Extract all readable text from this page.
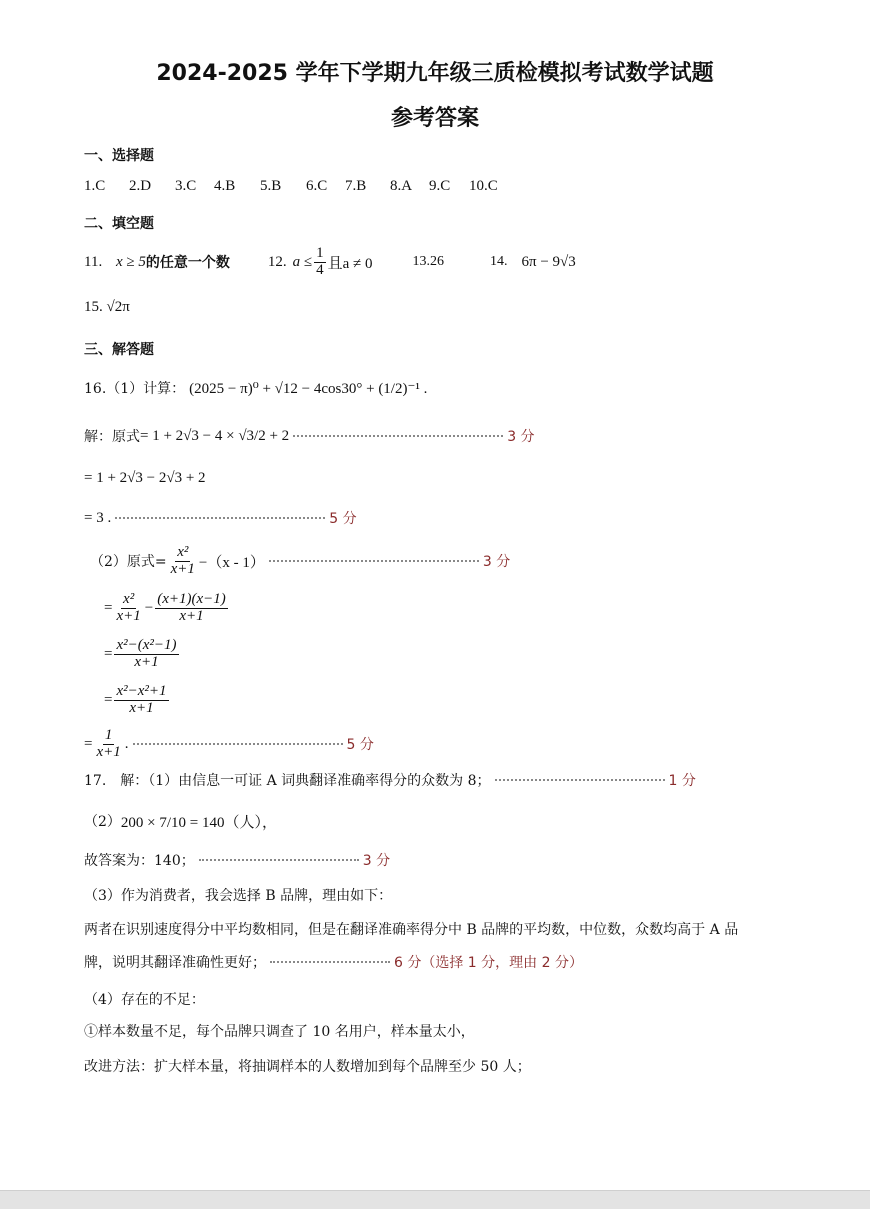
2024-2025 学年下学期九年级三质检模拟考试数学试题
参考答案
一、选择题
1.C	2.D	3.C	4.B	5.B	6.C	7.B	8.A	9.C	10.C
二、填空题
11. x ≥ 5 的任意一个数	12. $a \le \frac{1}{4}$ 且a ≠ 0	13.26	14. 6π − 9√3
15. √2π
三、解答题
16.（1）计算： (2025 − π)⁰ + √12 − 4cos30° + (1/2)⁻¹ .
解：原式 = 1 + 2√3 − 4 × √3/2 + 2	3 分
= 1 + 2√3 − 2√3 + 2
= 3 .	5 分
（2）原式= $\frac{\text{x²}}{x+1} -(x - 1)$	3 分
= $\frac{\text{x²}}{x+1} - \frac{(x+1)(x-1)}{x+1}$
= $\frac{\text{x²−(x²−1)}}{x+1}$
= $\frac{\text{x²−x²+1}}{x+1}$
= $\frac{1}{x+1}$ .	5 分
17.　解：（1）由信息一可证 A 词典翻译准确率得分的众数为 8；	1 分
（2） 200 × 7/10 = 140（人），
故答案为：140；	3 分
（3）作为消费者，我会选择 B 品牌，理由如下：
两者在识别速度得分中平均数相同，但是在翻译准确率得分中 B 品牌的平均数，中位数，众数均高于 A 品
牌，说明其翻译准确性更好；	6 分（选择 1 分，理由 2 分）
（4）存在的不足：
①样本数量不足，每个品牌只调查了 10 名用户，样本量太小，
改进方法：扩大样本量，将抽调样本的人数增加到每个品牌至少 50 人；
